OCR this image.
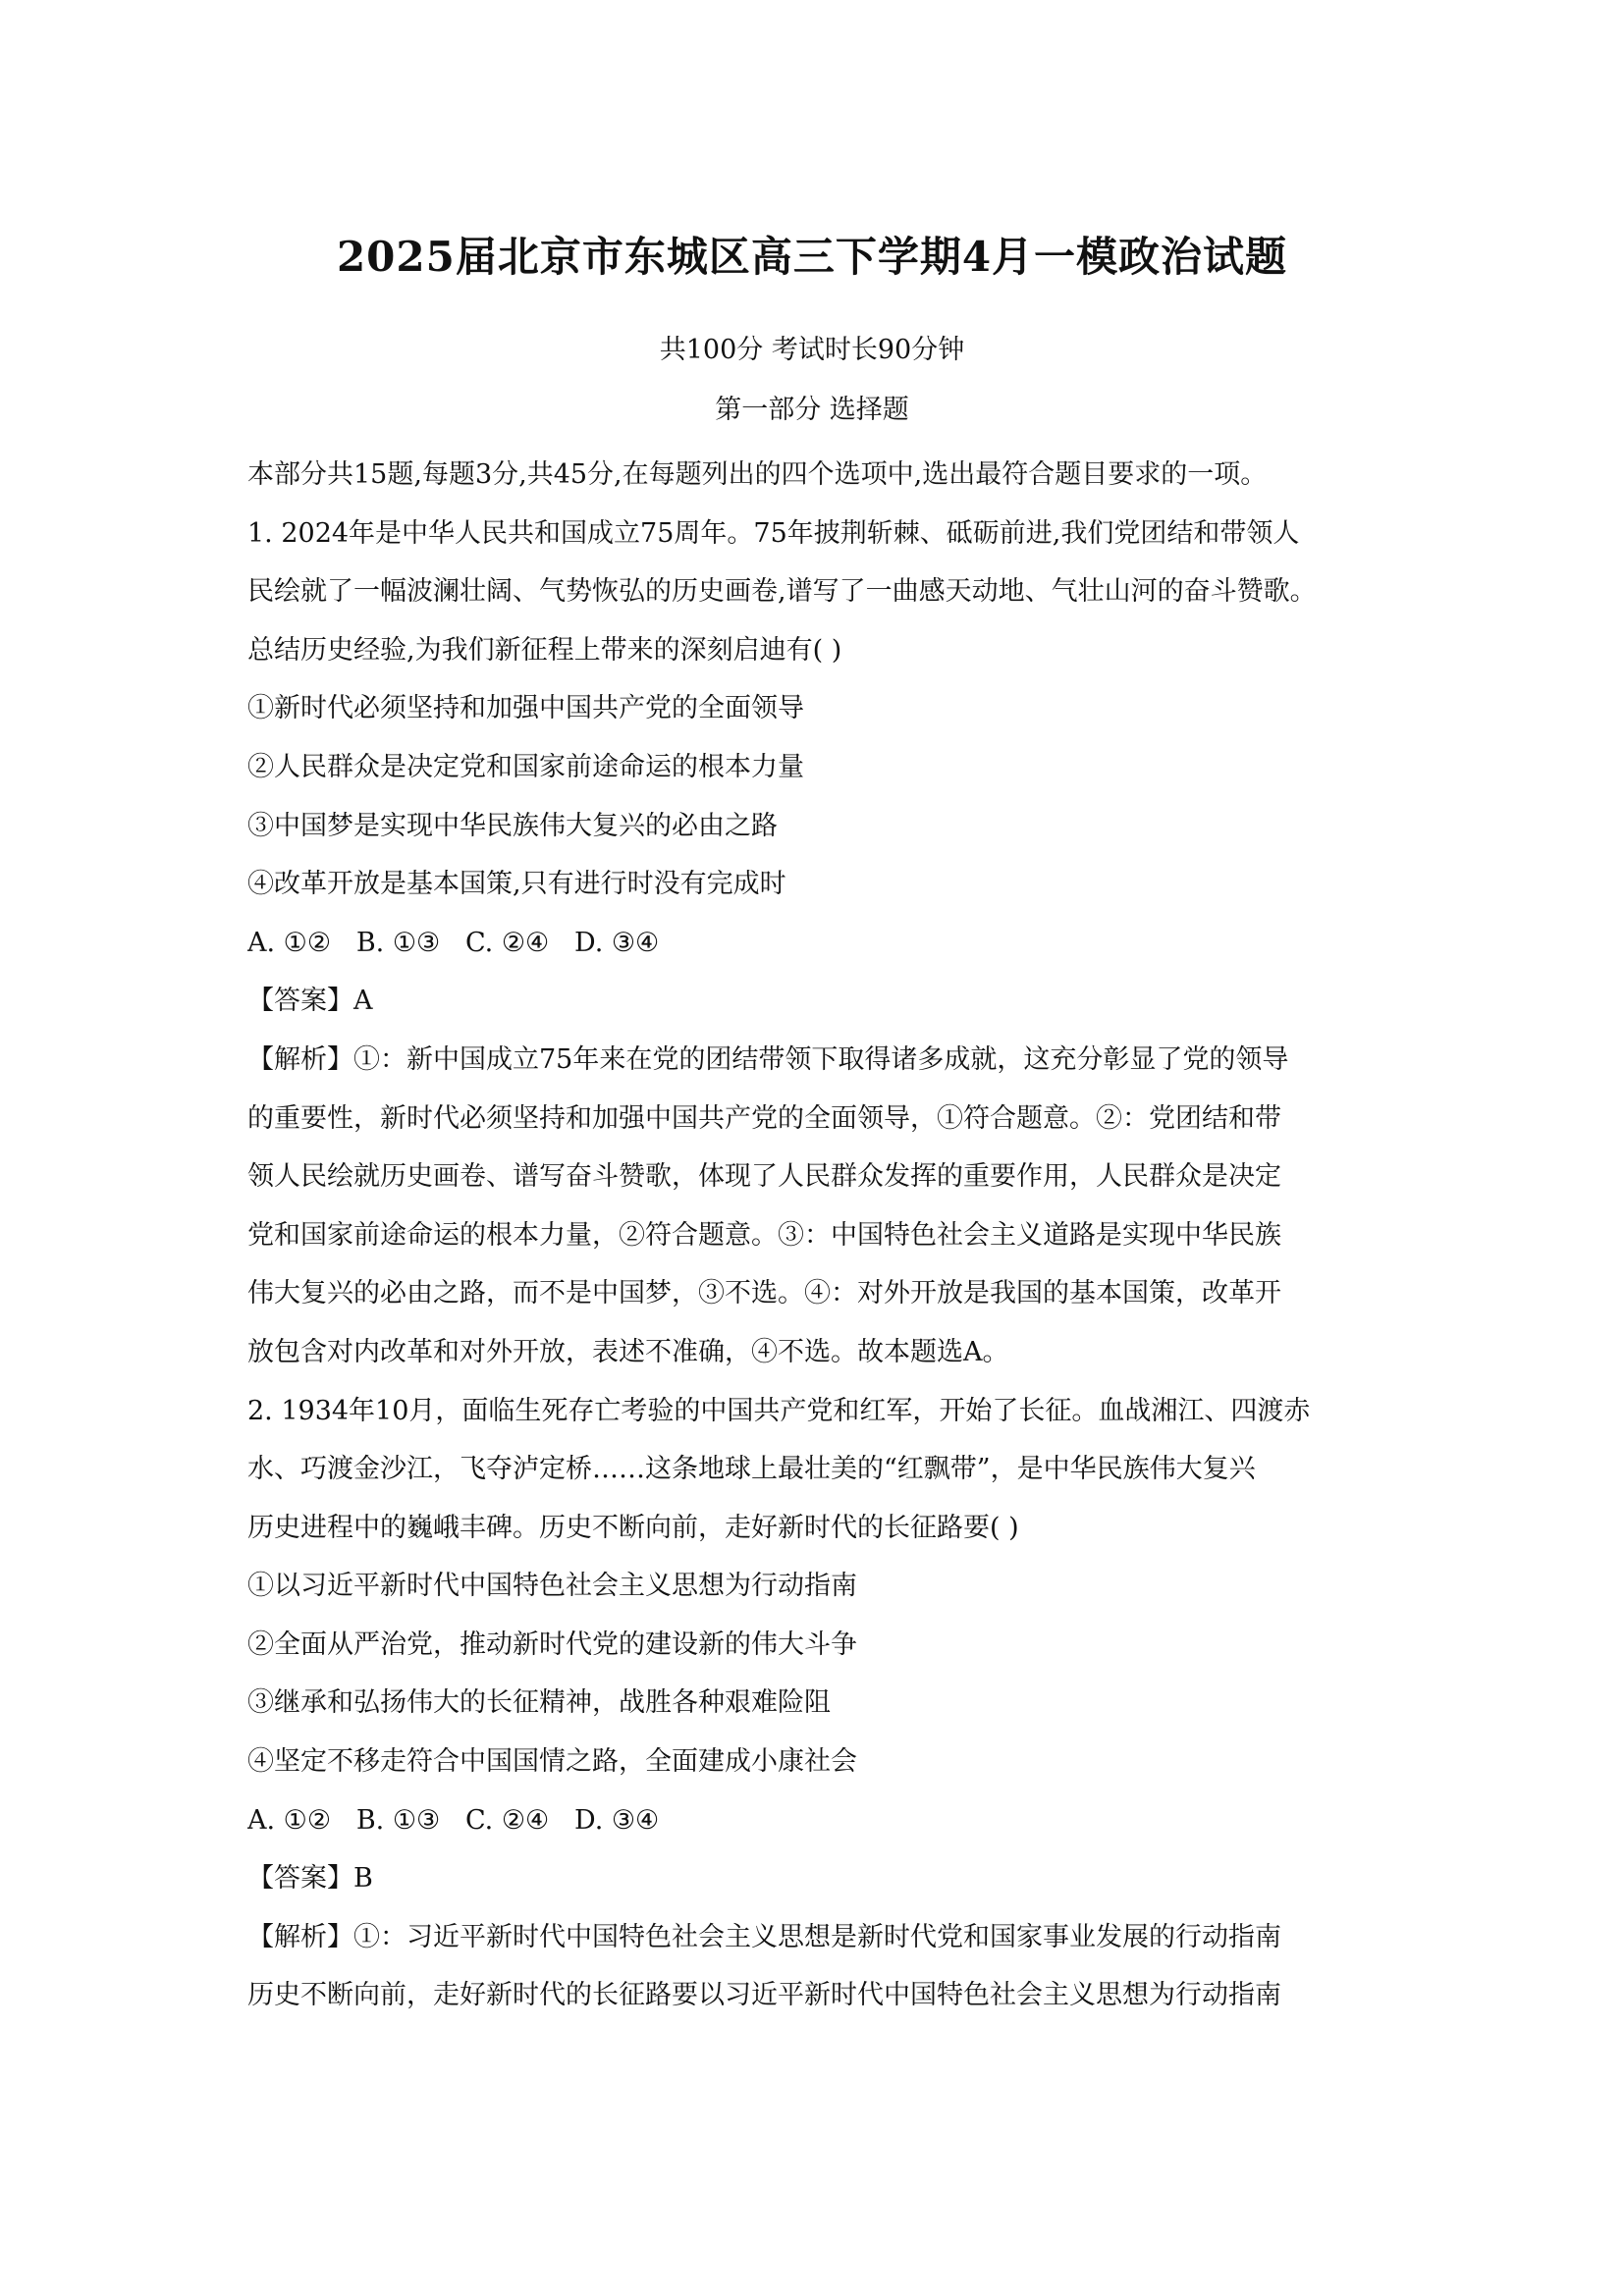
2025届北京市东城区高三下学期4月一模政治试题
共100分 考试时长90分钟
第一部分 选择题
本部分共15题,每题3分,共45分,在每题列出的四个选项中,选出最符合题目要求的一项。
1. 2024年是中华人民共和国成立75周年。75年披荆斩棘、砥砺前进,我们党团结和带领人
民绘就了一幅波澜壮阔、气势恢弘的历史画卷,谱写了一曲感天动地、气壮山河的奋斗赞歌。
总结历史经验,为我们新征程上带来的深刻启迪有( )
①新时代必须坚持和加强中国共产党的全面领导
②人民群众是决定党和国家前途命运的根本力量
③中国梦是实现中华民族伟大复兴的必由之路
④改革开放是基本国策,只有进行时没有完成时
A. ①②   B. ①③   C. ②④   D. ③④
【答案】A
【解析】①：新中国成立75年来在党的团结带领下取得诸多成就，这充分彰显了党的领导
的重要性，新时代必须坚持和加强中国共产党的全面领导，①符合题意。②：党团结和带
领人民绘就历史画卷、谱写奋斗赞歌，体现了人民群众发挥的重要作用，人民群众是决定
党和国家前途命运的根本力量，②符合题意。③：中国特色社会主义道路是实现中华民族
伟大复兴的必由之路，而不是中国梦，③不选。④：对外开放是我国的基本国策，改革开
放包含对内改革和对外开放，表述不准确，④不选。故本题选A。
2. 1934年10月，面临生死存亡考验的中国共产党和红军，开始了长征。血战湘江、四渡赤
水、巧渡金沙江，飞夺泸定桥……这条地球上最壮美的“红飘带”，是中华民族伟大复兴
历史进程中的巍峨丰碑。历史不断向前，走好新时代的长征路要( )
①以习近平新时代中国特色社会主义思想为行动指南
②全面从严治党，推动新时代党的建设新的伟大斗争
③继承和弘扬伟大的长征精神，战胜各种艰难险阻
④坚定不移走符合中国国情之路，全面建成小康社会
A. ①②   B. ①③   C. ②④   D. ③④
【答案】B
【解析】①：习近平新时代中国特色社会主义思想是新时代党和国家事业发展的行动指南
历史不断向前，走好新时代的长征路要以习近平新时代中国特色社会主义思想为行动指南
